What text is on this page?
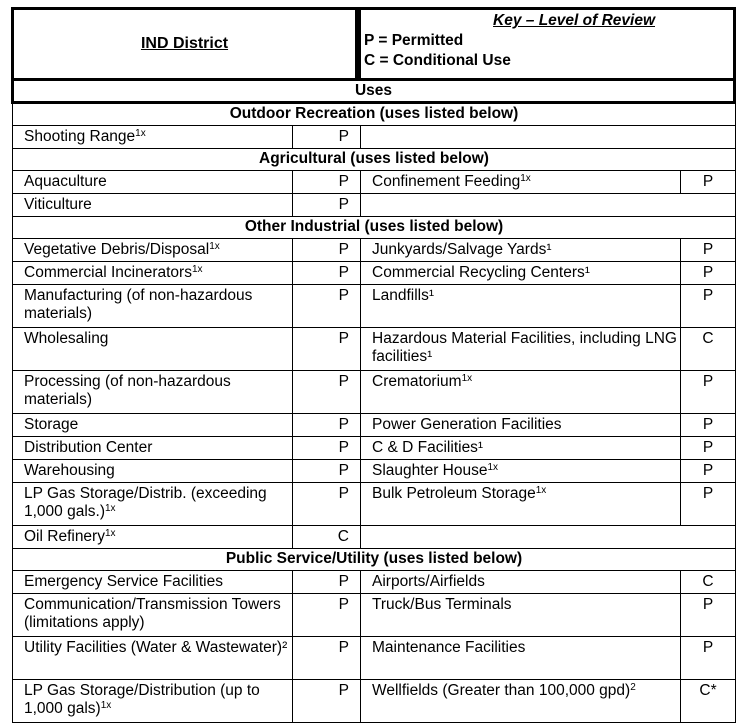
IND District
Key – Level of Review
P = Permitted
C = Conditional Use
Uses
Outdoor Recreation (uses listed below)			
Shooting Range$^{1x}$	P		
Agricultural (uses listed below)			
Aquaculture	P	Confinement Feeding$^{1x}$	P
Viticulture	P		
Other Industrial (uses listed below)			
Vegetative Debris/Disposal$^{1x}$	P	Junkyards/Salvage Yards¹	P
Commercial Incinerators$^{1x}$	P	Commercial Recycling Centers¹	P
Manufacturing (of non-hazardous materials)	P	Landfills¹	P
Wholesaling	P	Hazardous Material Facilities, including LNG facilities¹	C
Processing (of non-hazardous materials)	P	Crematorium$^{1x}$	P
Storage	P	Power Generation Facilities	P
Distribution Center	P	C & D Facilities¹	P
Warehousing	P	Slaughter House$^{1x}$	P
LP Gas Storage/Distrib. (exceeding 1,000 gals.)$^{1x}$	P	Bulk Petroleum Storage$^{1x}$	P
Oil Refinery$^{1x}$	C		
Public Service/Utility (uses listed below)			
Emergency Service Facilities	P	Airports/Airfields	C
Communication/Transmission Towers (limitations apply)	P	Truck/Bus Terminals	P
Utility Facilities (Water & Wastewater)²	P	Maintenance Facilities	P
LP Gas Storage/Distribution (up to 1,000 gals)$^{1x}$	P	Wellfields (Greater than 100,000 gpd)$^2$	C*
